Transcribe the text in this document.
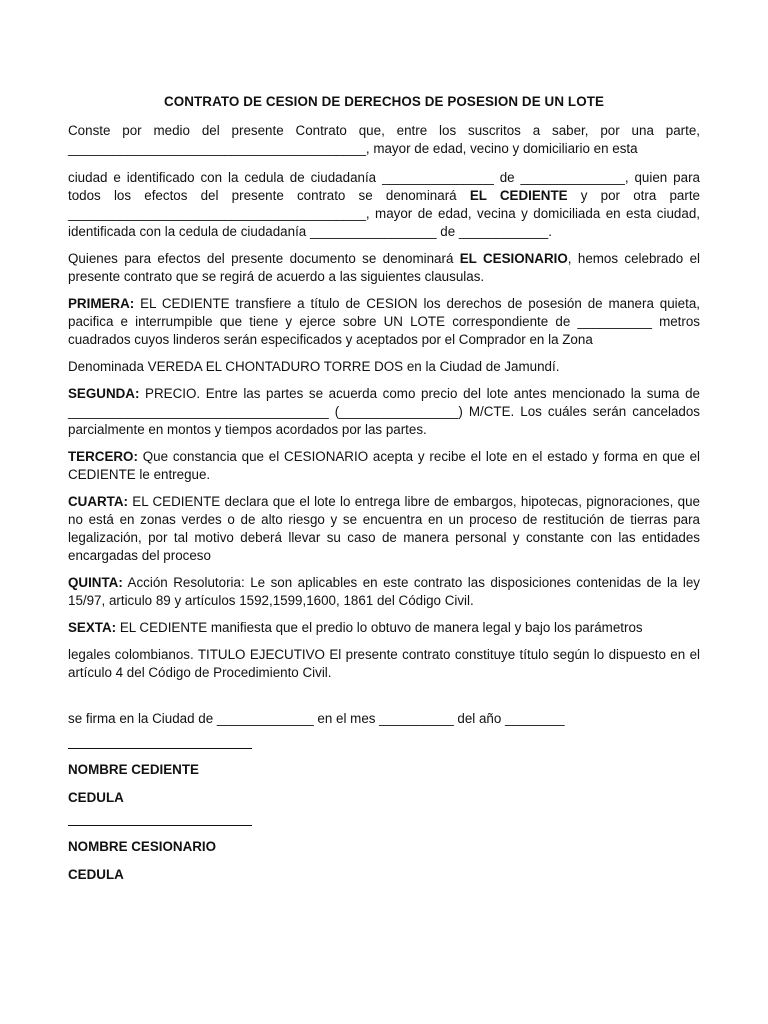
CONTRATO DE CESION DE DERECHOS DE POSESION DE UN LOTE

Conste por medio del presente Contrato que, entre los suscritos a saber, por una parte, ________________________________________, mayor de edad, vecino y domiciliario en esta

ciudad e identificado con la cedula de ciudadanía _______________ de ______________, quien para todos los efectos del presente contrato se denominará EL CEDIENTE y por otra parte ________________________________________, mayor de edad, vecina y domiciliada en esta ciudad, identificada con la cedula de ciudadanía _________________ de ____________.

Quienes para efectos del presente documento se denominará EL CESIONARIO, hemos celebrado el presente contrato que se regirá de acuerdo a las siguientes clausulas.

PRIMERA: EL CEDIENTE transfiere a título de CESION los derechos de posesión de manera quieta, pacifica e interrumpible que tiene y ejerce sobre UN LOTE correspondiente de __________ metros cuadrados cuyos linderos serán especificados y aceptados por el Comprador en la Zona

Denominada VEREDA EL CHONTADURO TORRE DOS en la Ciudad de Jamundí.

SEGUNDA: PRECIO. Entre las partes se acuerda como precio del lote antes mencionado la suma de ___________________________________ (________________) M/CTE. Los cuáles serán cancelados parcialmente en montos y tiempos acordados por las partes.

TERCERO: Que constancia que el CESIONARIO acepta y recibe el lote en el estado y forma en que el CEDIENTE le entregue.

CUARTA: EL CEDIENTE declara que el lote lo entrega libre de embargos, hipotecas, pignoraciones, que no está en zonas verdes o de alto riesgo y se encuentra en un proceso de restitución de tierras para legalización, por tal motivo deberá llevar su caso de manera personal y constante con las entidades encargadas del proceso

QUINTA: Acción Resolutoria: Le son aplicables en este contrato las disposiciones contenidas de la ley 15/97, articulo 89 y artículos 1592,1599,1600, 1861 del Código Civil.

SEXTA: EL CEDIENTE manifiesta que el predio lo obtuvo de manera legal y bajo los parámetros

legales colombianos. TITULO EJECUTIVO El presente contrato constituye título según lo dispuesto en el artículo 4 del Código de Procedimiento Civil.

se firma en la Ciudad de _____________ en el mes __________ del año ________

NOMBRE CEDIENTE
CEDULA
NOMBRE CESIONARIO
CEDULA
